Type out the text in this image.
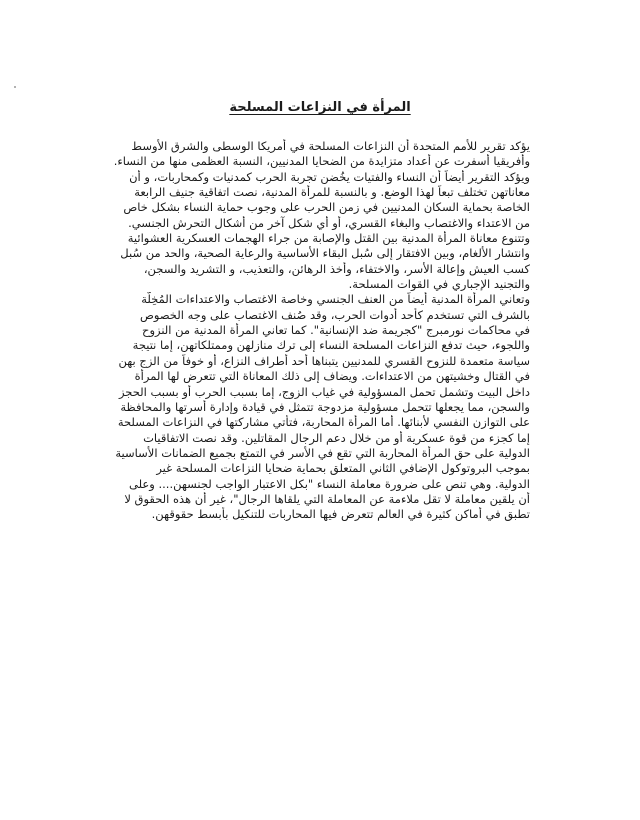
المرأة في النزاعات المسلحة
يؤكد تقرير للأمم المتحدة أن النزاعات المسلحة في أمريكا الوسطى والشرق الأوسط
وأفريقيا أسفرت عن أعداد متزايدة من الضحايا المدنيين، النسبة العظمى منها من النساء.
ويؤكد التقرير أيضاً أن النساء والفتيات يخُضن تجربة الحرب كمدنيات وكمحاربات، و أن
معاناتهن تختلف تبعاً لهذا الوضع. و بالنسبة للمرأة المدنية، نصت اتفاقية جنيف الرابعة
الخاصة بحماية السكان المدنيين في زمن الحرب على وجوب حماية النساء بشكل خاص
من الاعتداء والاغتصاب والبغاء القسري، أو أي شكل آخر من أشكال التحرش الجنسي.
وتتنوع معاناة المرأة المدنية بين القتل والإصابة من جراء الهجمات العسكرية العشوائية
وانتشار الألغام، وبين الافتقار إلى سُبل البقاء الأساسية والرعاية الصحية، والحد من سُبل
كسب العيش وإعالة الأسر، والاختفاء، وأخذ الرهائن، والتعذيب، و التشريد والسجن،
والتجنيد الإجباري في القوات المسلحة.
وتعاني المرأة المدنية أيضاً من العنف الجنسي وخاصة الاغتصاب والاعتداءات المُخِلّة
بالشرف التي تستخدم كأحد أدوات الحرب، وقد صُنف الاغتصاب على وجه الخصوص
في محاكمات نورمبرج "كجريمة ضد الإنسانية". كما تعاني المرأة المدنية من النزوح
واللجوء، حيث تدفع النزاعات المسلحة النساء إلى ترك منازلهن وممتلكاتهن، إما نتيجة
سياسة متعمدة للنزوح القسري للمدنيين يتبناها أحد أطراف النزاع، أو خوفاً من الزج بهن
في القتال وخشيتهن من الاعتداءات. ويضاف إلى ذلك المعاناة التي تتعرض لها المرأة
داخل البيت وتشمل تحمل المسؤولية في غياب الزوج، إما بسبب الحرب أو بسبب الحجز
والسجن، مما يجعلها تتحمل مسؤولية مزدوجة تتمثل في قيادة وإدارة أسرتها والمحافظة
على التوازن النفسي لأبنائها. أما المرأة المحاربة، فتأتي مشاركتها في النزاعات المسلحة
إما كجزء من قوة عسكرية أو من خلال دعم الرجال المقاتلين. وقد نصت الاتفاقيات
الدولية على حق المرأة المحاربة التي تقع في الأسر في التمتع بجميع الضمانات الأساسية
بموجب البروتوكول الإضافي الثاني المتعلق بحماية ضحايا النزاعات المسلحة غير
الدولية. وهي تنص على ضرورة معاملة النساء "بكل الاعتبار الواجب لجنسهن.... وعلى
أن يلقين معاملة لا تقل ملاءمة عن المعاملة التي يلقاها الرجال"، غير أن هذه الحقوق لا
تطبق في أماكن كثيرة في العالم تتعرض فيها المحاربات للتنكيل بأبسط حقوقهن.
